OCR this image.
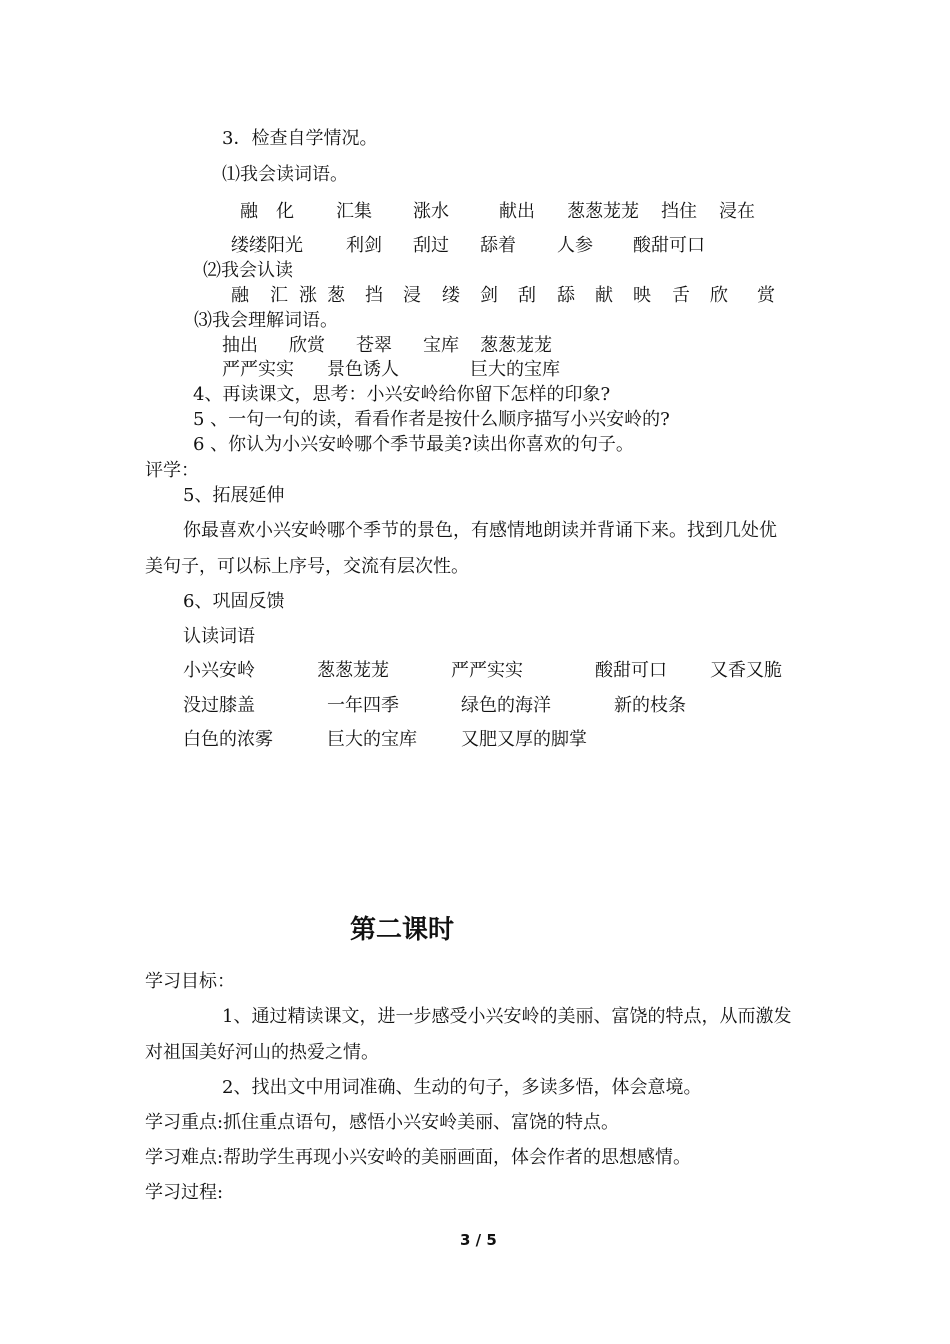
3．检查自学情况。
⑴我会读词语。
融　化 汇集 涨水	献出 葱葱茏茏 挡住 浸在
缕缕阳光 利剑 刮过 舔着 人参 酸甜可口
⑵我会认读
融 汇 涨 葱 挡 浸 缕 剑 刮 舔 献 映 舌 欣 赏
⑶我会理解词语。
抽出 欣赏 苍翠 宝库 葱葱茏茏
严严实实 景色诱人	巨大的宝库
4、再读课文，思考：小兴安岭给你留下怎样的印象?
5 、一句一句的读，看看作者是按什么顺序描写小兴安岭的?
6 、你认为小兴安岭哪个季节最美?读出你喜欢的句子。
评学：
5、拓展延伸
你最喜欢小兴安岭哪个季节的景色，有感情地朗读并背诵下来。找到几处优
美句子，可以标上序号，交流有层次性。
6、巩固反馈
认读词语
小兴安岭	葱葱茏茏	严严实实	酸甜可口 又香又脆
没过膝盖	一年四季	绿色的海洋	新的枝条
白色的浓雾	巨大的宝库 又肥又厚的脚掌
第二课时
学习目标：
1、通过精读课文，进一步感受小兴安岭的美丽、富饶的特点，从而激发
对祖国美好河山的热爱之情。
2、找出文中用词准确、生动的句子，多读多悟，体会意境。
学习重点:抓住重点语句，感悟小兴安岭美丽、富饶的特点。
学习难点:帮助学生再现小兴安岭的美丽画面，体会作者的思想感情。
学习过程:
3 / 5
